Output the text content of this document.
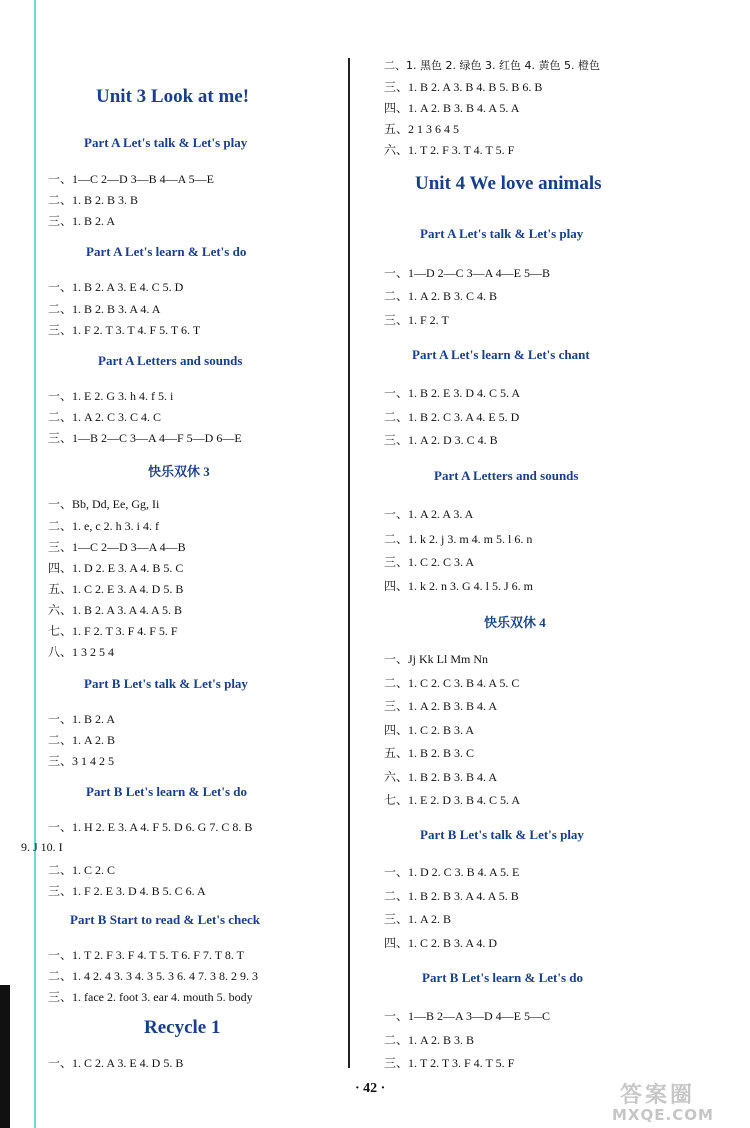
Unit 3 Look at me!
Part A Let's talk & Let's play

一、1—C 2—D 3—B 4—A 5—E

二、1. B 2. B 3. B

三、1. B 2. A

Part A Let's learn & Let's do

一、1. B 2. A 3. E 4. C 5. D

二、1. B 2. B 3. A 4. A

三、1. F 2. T 3. T 4. F 5. T 6. T

Part A Letters and sounds

一、1. E 2. G 3. h 4. f 5. i

二、1. A 2. C 3. C 4. C

三、1—B 2—C 3—A 4—F 5—D 6—E

快乐双休 3

一、Bb, Dd, Ee, Gg, Ii

二、1. e, c 2. h 3. i 4. f

三、1—C 2—D 3—A 4—B

四、1. D 2. E 3. A 4. B 5. C

五、1. C 2. E 3. A 4. D 5. B

六、1. B 2. A 3. A 4. A 5. B

七、1. F 2. T 3. F 4. F 5. F

八、1 3 2 5 4

Part B Let's talk & Let's play

一、1. B 2. A

二、1. A 2. B

三、3 1 4 2 5

Part B Let's learn & Let's do

一、1. H 2. E 3. A 4. F 5. D 6. G 7. C 8. B

9. J 10. I

二、1. C 2. C

三、1. F 2. E 3. D 4. B 5. C 6. A

Part B Start to read & Let's check

一、1. T 2. F 3. F 4. T 5. T 6. F 7. T 8. T

二、1. 4 2. 4 3. 3 4. 3 5. 3 6. 4 7. 3 8. 2 9. 3

三、1. face 2. foot 3. ear 4. mouth 5. body

Recycle 1

一、1. C 2. A 3. E 4. D 5. B

二、1. 黑色 2. 绿色 3. 红色 4. 黄色 5. 橙色

三、1. B 2. A 3. B 4. B 5. B 6. B

四、1. A 2. B 3. B 4. A 5. A

五、2 1 3 6 4 5

六、1. T 2. F 3. T 4. T 5. F

Unit 4 We love animals
Part A Let's talk & Let's play

一、1—D 2—C 3—A 4—E 5—B

二、1. A 2. B 3. C 4. B

三、1. F 2. T

Part A Let's learn & Let's chant

一、1. B 2. E 3. D 4. C 5. A

二、1. B 2. C 3. A 4. E 5. D

三、1. A 2. D 3. C 4. B

Part A Letters and sounds

一、1. A 2. A 3. A

二、1. k 2. j 3. m 4. m 5. l 6. n

三、1. C 2. C 3. A

四、1. k 2. n 3. G 4. l 5. J 6. m

快乐双休 4

一、Jj Kk Ll Mm Nn

二、1. C 2. C 3. B 4. A 5. C

三、1. A 2. B 3. B 4. A

四、1. C 2. B 3. A

五、1. B 2. B 3. C

六、1. B 2. B 3. B 4. A

七、1. E 2. D 3. B 4. C 5. A

Part B Let's talk & Let's play

一、1. D 2. C 3. B 4. A 5. E

二、1. B 2. B 3. A 4. A 5. B

三、1. A 2. B

四、1. C 2. B 3. A 4. D

Part B Let's learn & Let's do

一、1—B 2—A 3—D 4—E 5—C

二、1. A 2. B 3. B

三、1. T 2. T 3. F 4. T 5. F

· 42 ·	答案圈
MXQE.COM
